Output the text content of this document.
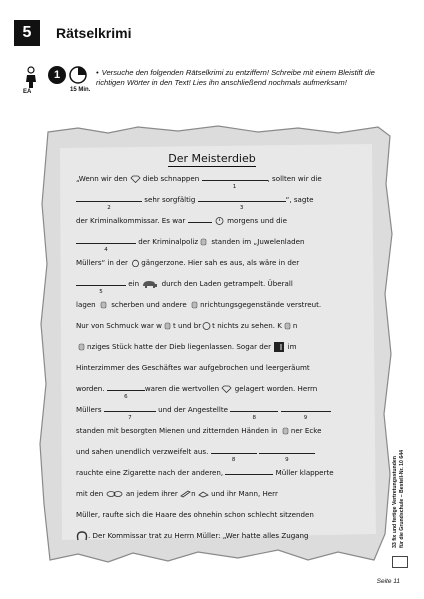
5	Rätselkrimi
EA
1
15 Min.
• Versuche den folgenden Rätselkrimi zu entziffern! Schreibe mit einem Bleistift die richtigen Wörter in den Text! Lies ihn anschließend nochmals aufmerksam!
Der Meisterdieb
„Wenn wir den dieb schnappen
1
, sollten wir die
2
sehr sorgfältig
3
“, sagte
der Kriminalkommissar. Es war	morgens und die
4
der Kriminalpoliz standen im „Juwelenladen
Müllers“ in der gängerzone. Hier sah es aus, als wäre in der
5
ein	durch den Laden getrampelt. Überall
lagen scherben und andere nrichtungsgegenstände verstreut.
Nur von Schmuck war w t und br t nichts zu sehen. K n
nziges Stück hatte der Dieb liegenlassen. Sogar der im
Hinterzimmer des Geschäftes war aufgebrochen und leergeräumt
worden.
6
waren die wertvollen gelagert worden. Herrn
Müllers
7
und der Angestellte
8
	9
standen mit besorgten Mienen und zitternden Händen in ner Ecke
und sahen unendlich verzweifelt aus.
8
	9
rauchte eine Zigarette nach der anderen,	Müller klapperte
mit den	an jedem ihrer n und ihr Mann, Herr
Müller, raufte sich die Haare des ohnehin schon schlecht sitzenden
. Der Kommissar trat zu Herrn Müller: „Wer hatte alles Zugang	33 fix und fertige Vertretungsstunden für die Grundschule – Bestell-Nr. 10 644
Seite 11
